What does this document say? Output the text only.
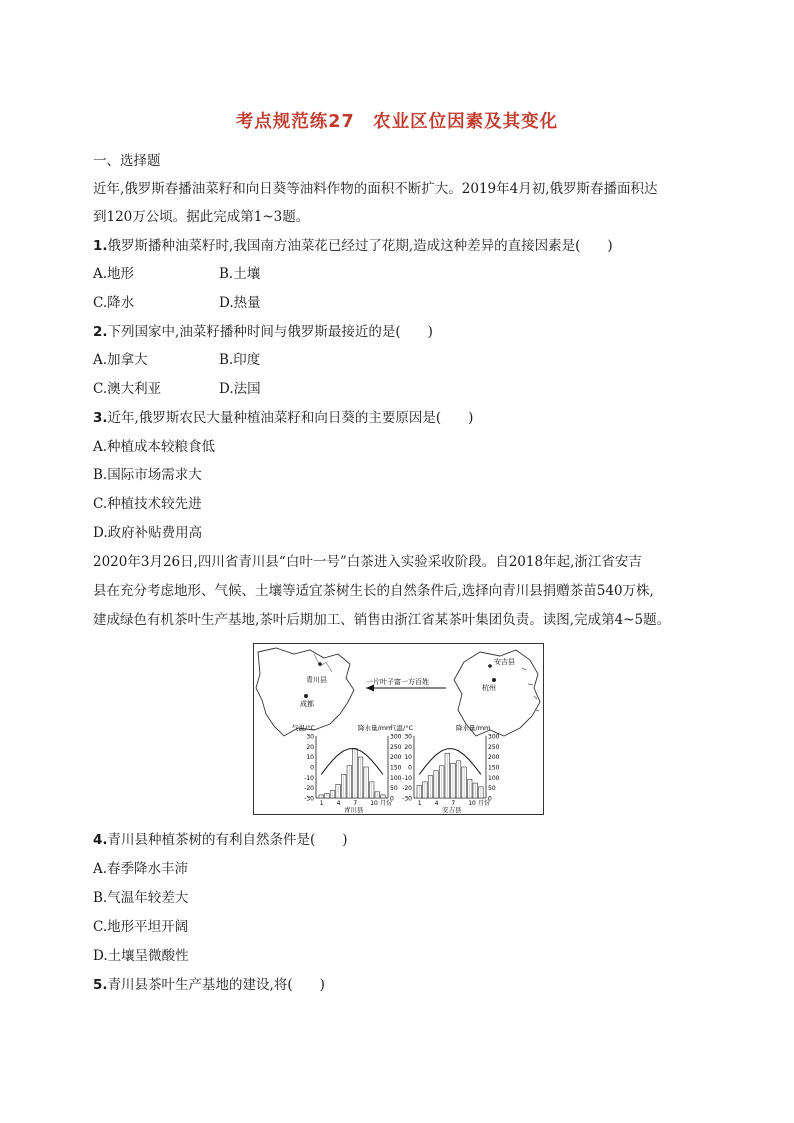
考点规范练27　农业区位因素及其变化
一、选择题
近年,俄罗斯春播油菜籽和向日葵等油料作物的面积不断扩大。2019年4月初,俄罗斯春播面积达
到120万公顷。据此完成第1~3题。
1.俄罗斯播种油菜籽时,我国南方油菜花已经过了花期,造成这种差异的直接因素是(　　)
A.地形	B.土壤
C.降水	D.热量
2.下列国家中,油菜籽播种时间与俄罗斯最接近的是(　　)
A.加拿大	B.印度
C.澳大利亚	D.法国
3.近年,俄罗斯农民大量种植油菜籽和向日葵的主要原因是(　　)
A.种植成本较粮食低
B.国际市场需求大
C.种植技术较先进
D.政府补贴费用高
2020年3月26日,四川省青川县“白叶一号”白茶进入实验采收阶段。自2018年起,浙江省安吉
县在充分考虑地形、气候、土壤等适宜茶树生长的自然条件后,选择向青川县捐赠茶苗540万株,
建成绿色有机茶叶生产基地,茶叶后期加工、销售由浙江省某茶叶集团负责。读图,完成第4~5题。
青川县
成都
安吉县
杭州
一片叶子富一方百姓
气温/°C	降水量/mm
30
20
10
0
-10
-20
-30
300
250
200
150
100
50
0
1 4 7 10 月份
青川县
气温/°C	降水量/mm
30
20
10
0
-10
-20
-30
300
250
200
150
100
50
0
1 4 7 10 月份
安吉县
4.青川县种植茶树的有利自然条件是(　　)
A.春季降水丰沛
B.气温年较差大
C.地形平坦开阔
D.土壤呈微酸性
5.青川县茶叶生产基地的建设,将(　　)
